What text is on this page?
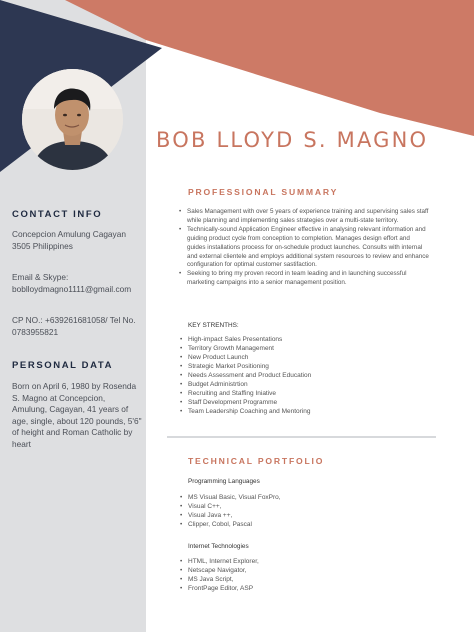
BOB LLOYD S. MAGNO
CONTACT INFO
Concepcion Amulung Cagayan 3505 Philippines
Email & Skype: boblloydmagno1111@gmail.com
CP NO.: +639261681058/ Tel No. 0783955821
PERSONAL DATA
Born on April 6, 1980 by Rosenda S. Magno at Concepcion, Amulung, Cagayan, 41 years of age, single, about 120 pounds, 5'6" of height and Roman Catholic by heart
PROFESSIONAL SUMMARY
• Sales Management with over 5 years of experience training and supervising sales staff while planning and implementing sales strategies over a multi-state territory.
• Technically-sound Application Engineer effective in analysing relevant information and guiding product cycle from conception to completion. Manages design effort and guides installations process for on-schedule product launches. Consults with internal and external clientele and employs additional system resources to review and enhance configuration for optimal customer sastifaction.
• Seeking to bring my proven record in team leading and in launching successful marketing campaigns into a senior management position.
KEY STRENTHS:
• High-impact Sales Presentations
• Territory Growth Management
• New Product Launch
• Strategic Market Positioning
• Needs Assessment and Product Education
• Budget Administrtion
• Recruiting and Staffing Iniative
• Staff Development Programme
• Team Leadership Coaching and Mentoring
TECHNICAL PORTFOLIO
Programming Languages
• MS Visual Basic, Visual FoxPro,
• Visual C++,
• Visual Java ++,
• Clipper, Cobol, Pascal
Internet Technologies
• HTML, Internet Explorer,
• Netscape Navigator,
• MS Java Script,
• FrontPage Editor, ASP
